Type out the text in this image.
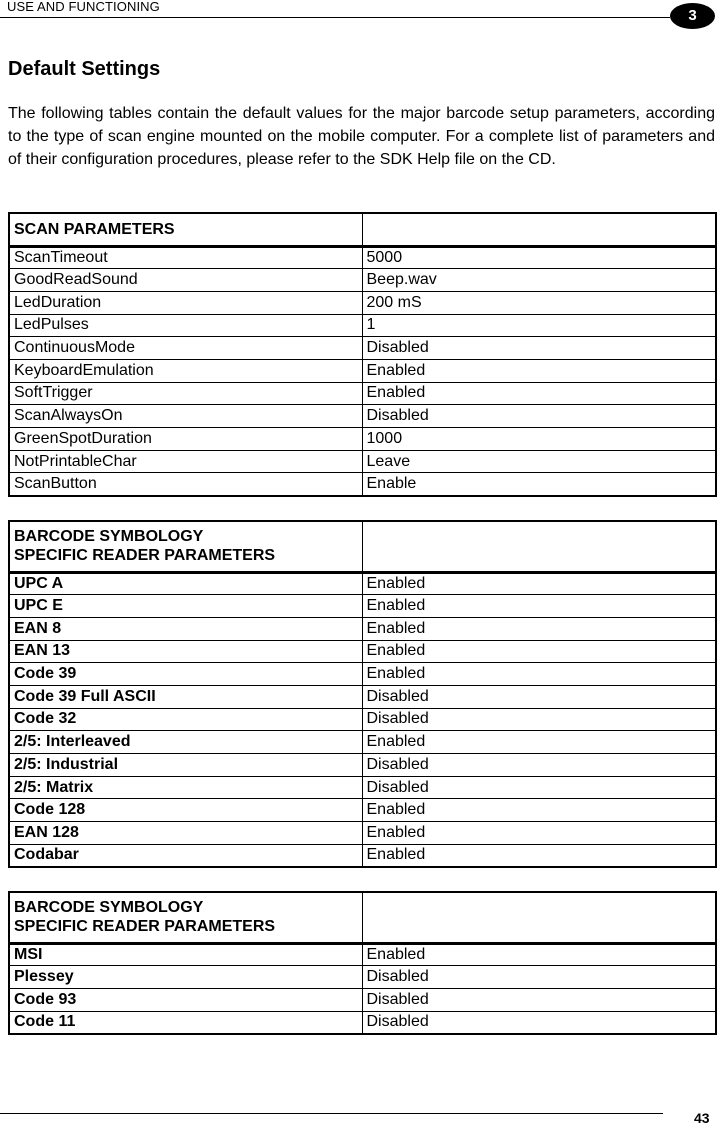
USE AND FUNCTIONING
3
Default Settings
The following tables contain the default values for the major barcode setup parameters, according to the type of scan engine mounted on the mobile computer. For a complete list of parameters and of their configuration procedures, please refer to the SDK Help file on the CD.
SCAN PARAMETERS	
ScanTimeout	5000
GoodReadSound	Beep.wav
LedDuration	200 mS
LedPulses	1
ContinuousMode	Disabled
KeyboardEmulation	Enabled
SoftTrigger	Enabled
ScanAlwaysOn	Disabled
GreenSpotDuration	1000
NotPrintableChar	Leave
ScanButton	Enable
BARCODE SYMBOLOGY
SPECIFIC READER PARAMETERS	
UPC A	Enabled
UPC E	Enabled
EAN 8	Enabled
EAN 13	Enabled
Code 39	Enabled
Code 39 Full ASCII	Disabled
Code 32	Disabled
2/5: Interleaved	Enabled
2/5: Industrial	Disabled
2/5: Matrix	Disabled
Code 128	Enabled
EAN 128	Enabled
Codabar	Enabled
BARCODE SYMBOLOGY
SPECIFIC READER PARAMETERS	
MSI	Enabled
Plessey	Disabled
Code 93	Disabled
Code 11	Disabled
43
